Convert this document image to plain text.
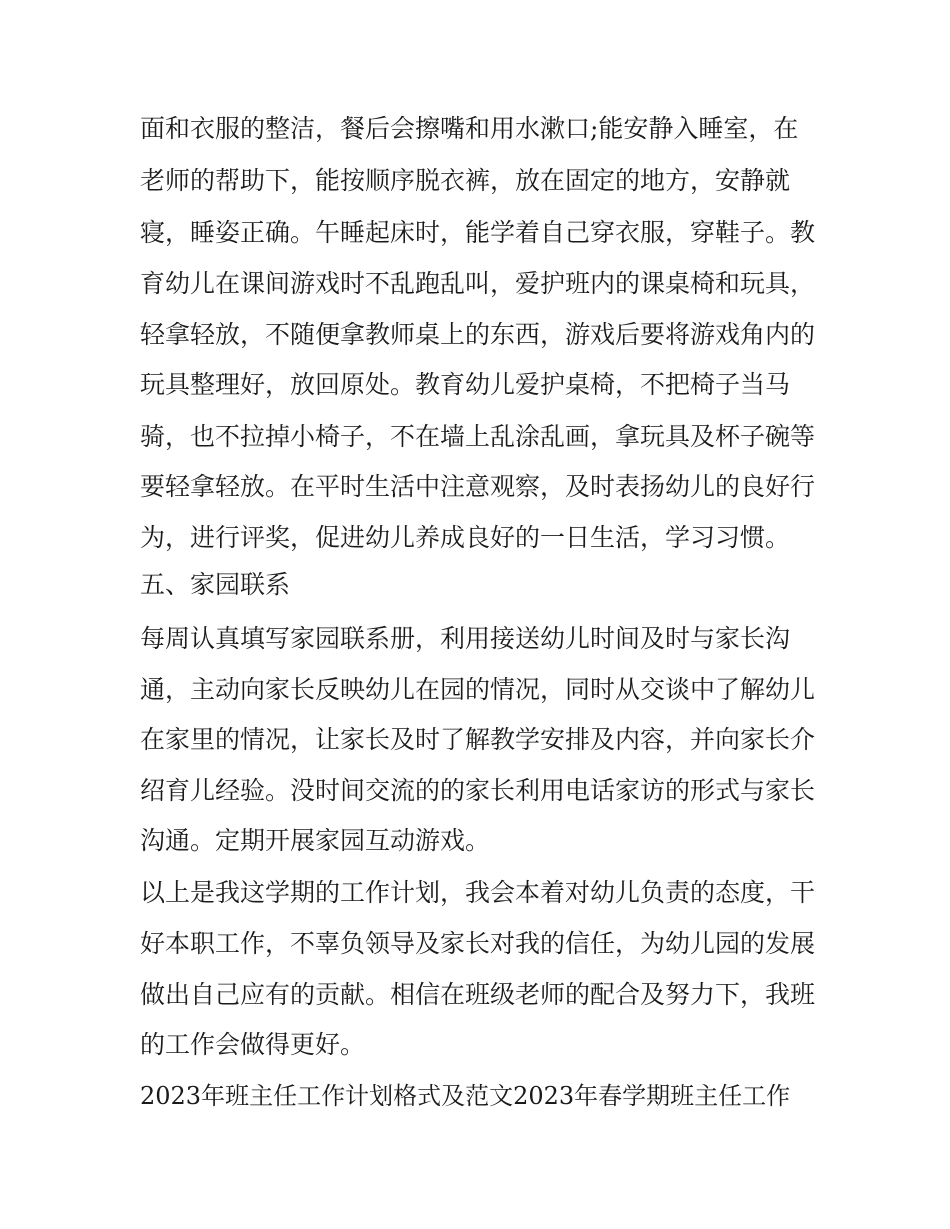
面和衣服的整洁，餐后会擦嘴和用水漱口;能安静入睡室，在
老师的帮助下，能按顺序脱衣裤，放在固定的地方，安静就
寝，睡姿正确。午睡起床时，能学着自己穿衣服，穿鞋子。教
育幼儿在课间游戏时不乱跑乱叫，爱护班内的课桌椅和玩具，
轻拿轻放，不随便拿教师桌上的东西，游戏后要将游戏角内的
玩具整理好，放回原处。教育幼儿爱护桌椅，不把椅子当马
骑，也不拉掉小椅子，不在墙上乱涂乱画，拿玩具及杯子碗等
要轻拿轻放。在平时生活中注意观察，及时表扬幼儿的良好行
为，进行评奖，促进幼儿养成良好的一日生活，学习习惯。
五、家园联系
每周认真填写家园联系册，利用接送幼儿时间及时与家长沟
通，主动向家长反映幼儿在园的情况，同时从交谈中了解幼儿
在家里的情况，让家长及时了解教学安排及内容，并向家长介
绍育儿经验。没时间交流的的家长利用电话家访的形式与家长
沟通。定期开展家园互动游戏。
以上是我这学期的工作计划，我会本着对幼儿负责的态度，干
好本职工作，不辜负领导及家长对我的信任，为幼儿园的发展
做出自己应有的贡献。相信在班级老师的配合及努力下，我班
的工作会做得更好。
2023年班主任工作计划格式及范文2023年春学期班主任工作
